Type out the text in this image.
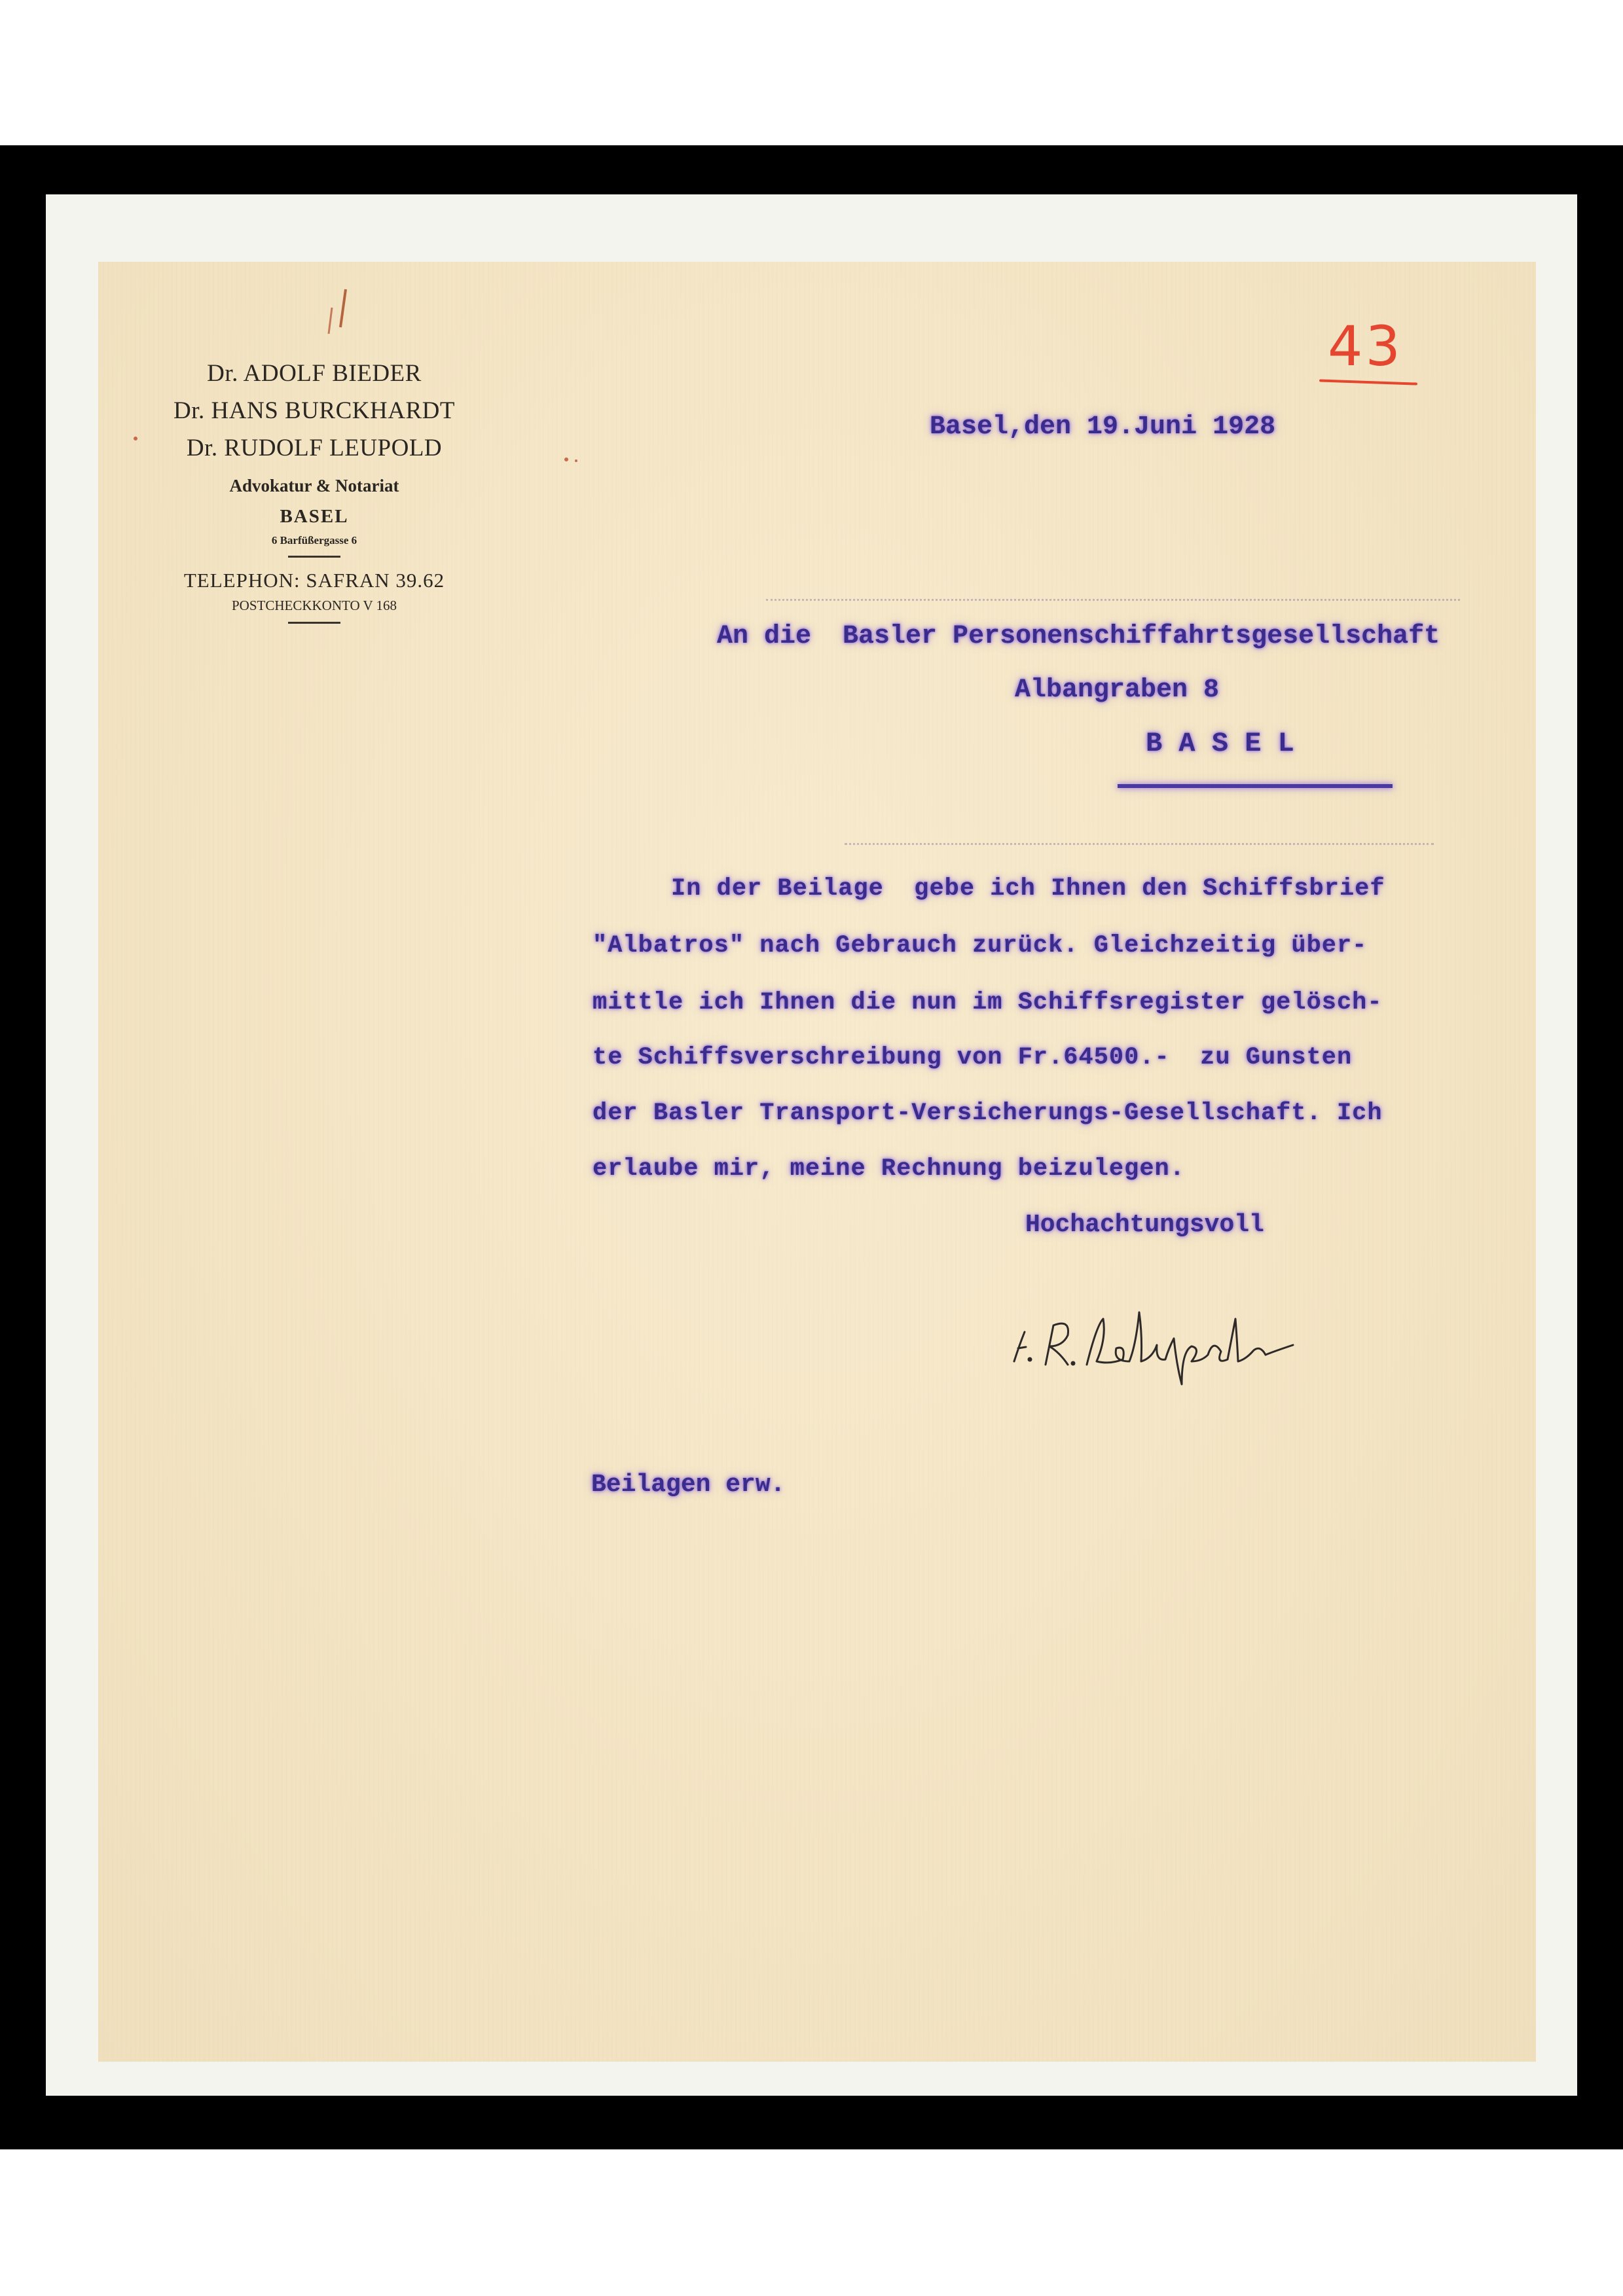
Dr. ADOLF BIEDER
Dr. HANS BURCKHARDT
Dr. RUDOLF LEUPOLD
Advokatur & Notariat
BASEL
6 Barfüßergasse 6
TELEPHON: SAFRAN 39.62
POSTCHECKKONTO V 168
43
Basel,den 19.Juni 1928
An die  Basler Personenschiffahrtsgesellschaft
Albangraben 8
B A S E L
In der Beilage  gebe ich Ihnen den Schiffsbrief
"Albatros" nach Gebrauch zurück. Gleichzeitig über-
mittle ich Ihnen die nun im Schiffsregister gelösch-
te Schiffsverschreibung von Fr.64500.-  zu Gunsten
der Basler Transport-Versicherungs-Gesellschaft. Ich
erlaube mir, meine Rechnung beizulegen.
Hochachtungsvoll
Beilagen erw.
